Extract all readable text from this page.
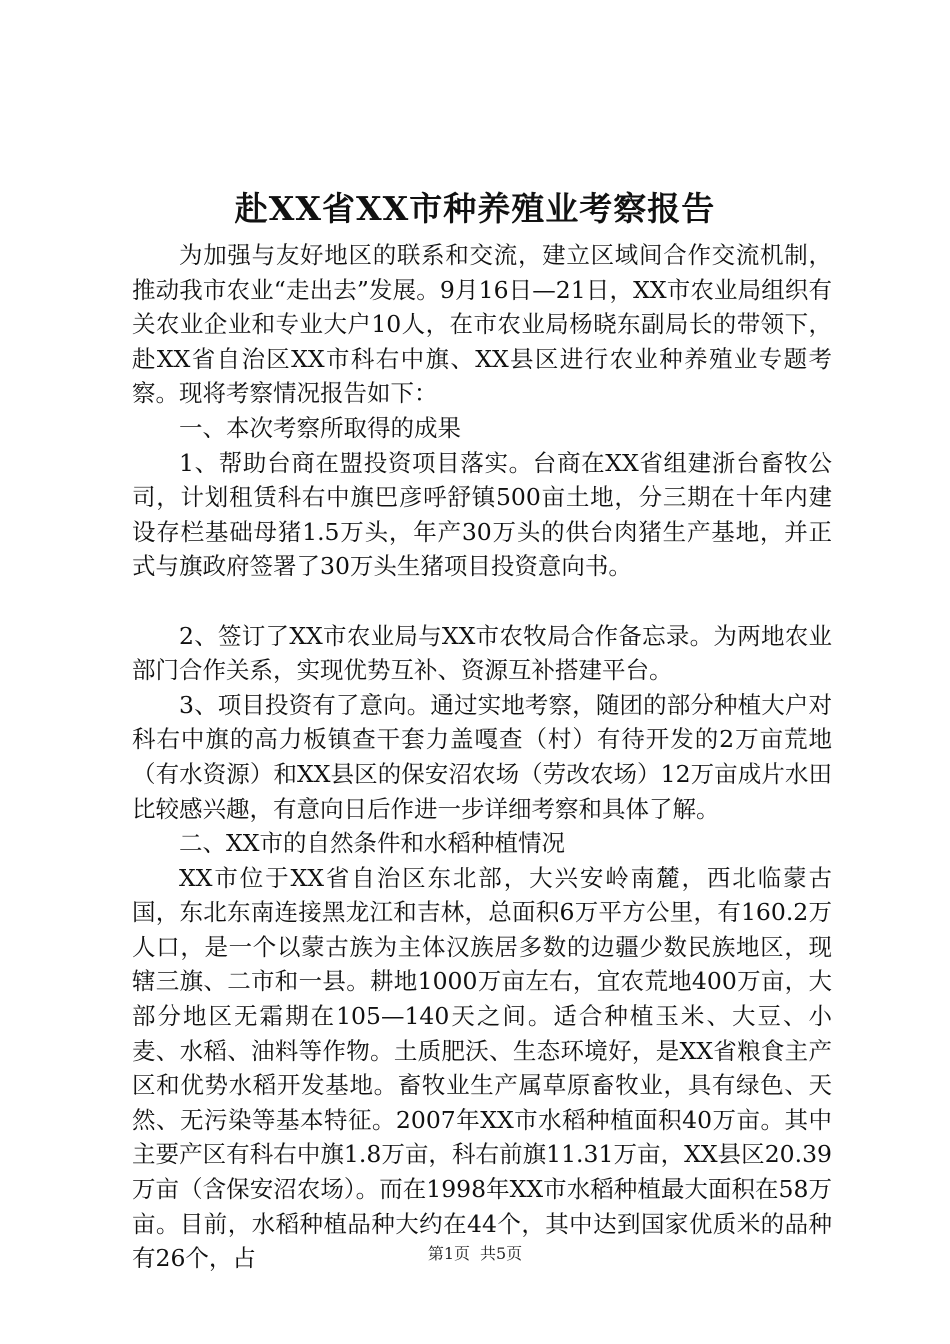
赴XX省XX市种养殖业考察报告

为加强与友好地区的联系和交流，建立区域间合作交流机制，推动我市农业“走出去”发展。9月16日—21日，XX市农业局组织有关农业企业和专业大户10人，在市农业局杨晓东副局长的带领下，赴XX省自治区XX市科右中旗、XX县区进行农业种养殖业专题考察。现将考察情况报告如下：

一、本次考察所取得的成果

1、帮助台商在盟投资项目落实。台商在XX省组建浙台畜牧公司，计划租赁科右中旗巴彦呼舒镇500亩土地，分三期在十年内建设存栏基础母猪1.5万头，年产30万头的供台肉猪生产基地，并正式与旗政府签署了30万头生猪项目投资意向书。

2、签订了XX市农业局与XX市农牧局合作备忘录。为两地农业部门合作关系，实现优势互补、资源互补搭建平台。

3、项目投资有了意向。通过实地考察，随团的部分种植大户对科右中旗的高力板镇查干套力盖嘎查（村）有待开发的2万亩荒地（有水资源）和XX县区的保安沼农场（劳改农场）12万亩成片水田比较感兴趣，有意向日后作进一步详细考察和具体了解。

二、XX市的自然条件和水稻种植情况

XX市位于XX省自治区东北部，大兴安岭南麓，西北临蒙古国，东北东南连接黑龙江和吉林，总面积6万平方公里，有160.2万人口，是一个以蒙古族为主体汉族居多数的边疆少数民族地区，现辖三旗、二市和一县。耕地1000万亩左右，宜农荒地400万亩，大部分地区无霜期在105—140天之间。适合种植玉米、大豆、小麦、水稻、油料等作物。土质肥沃、生态环境好，是XX省粮食主产区和优势水稻开发基地。畜牧业生产属草原畜牧业，具有绿色、天然、无污染等基本特征。2007年XX市水稻种植面积40万亩。其中主要产区有科右中旗1.8万亩，科右前旗11.31万亩，XX县区20.39万亩（含保安沼农场）。而在1998年XX市水稻种植最大面积在58万亩。目前，水稻种植品种大约在44个，其中达到国家优质米的品种有26个，占	第1页 共5页
